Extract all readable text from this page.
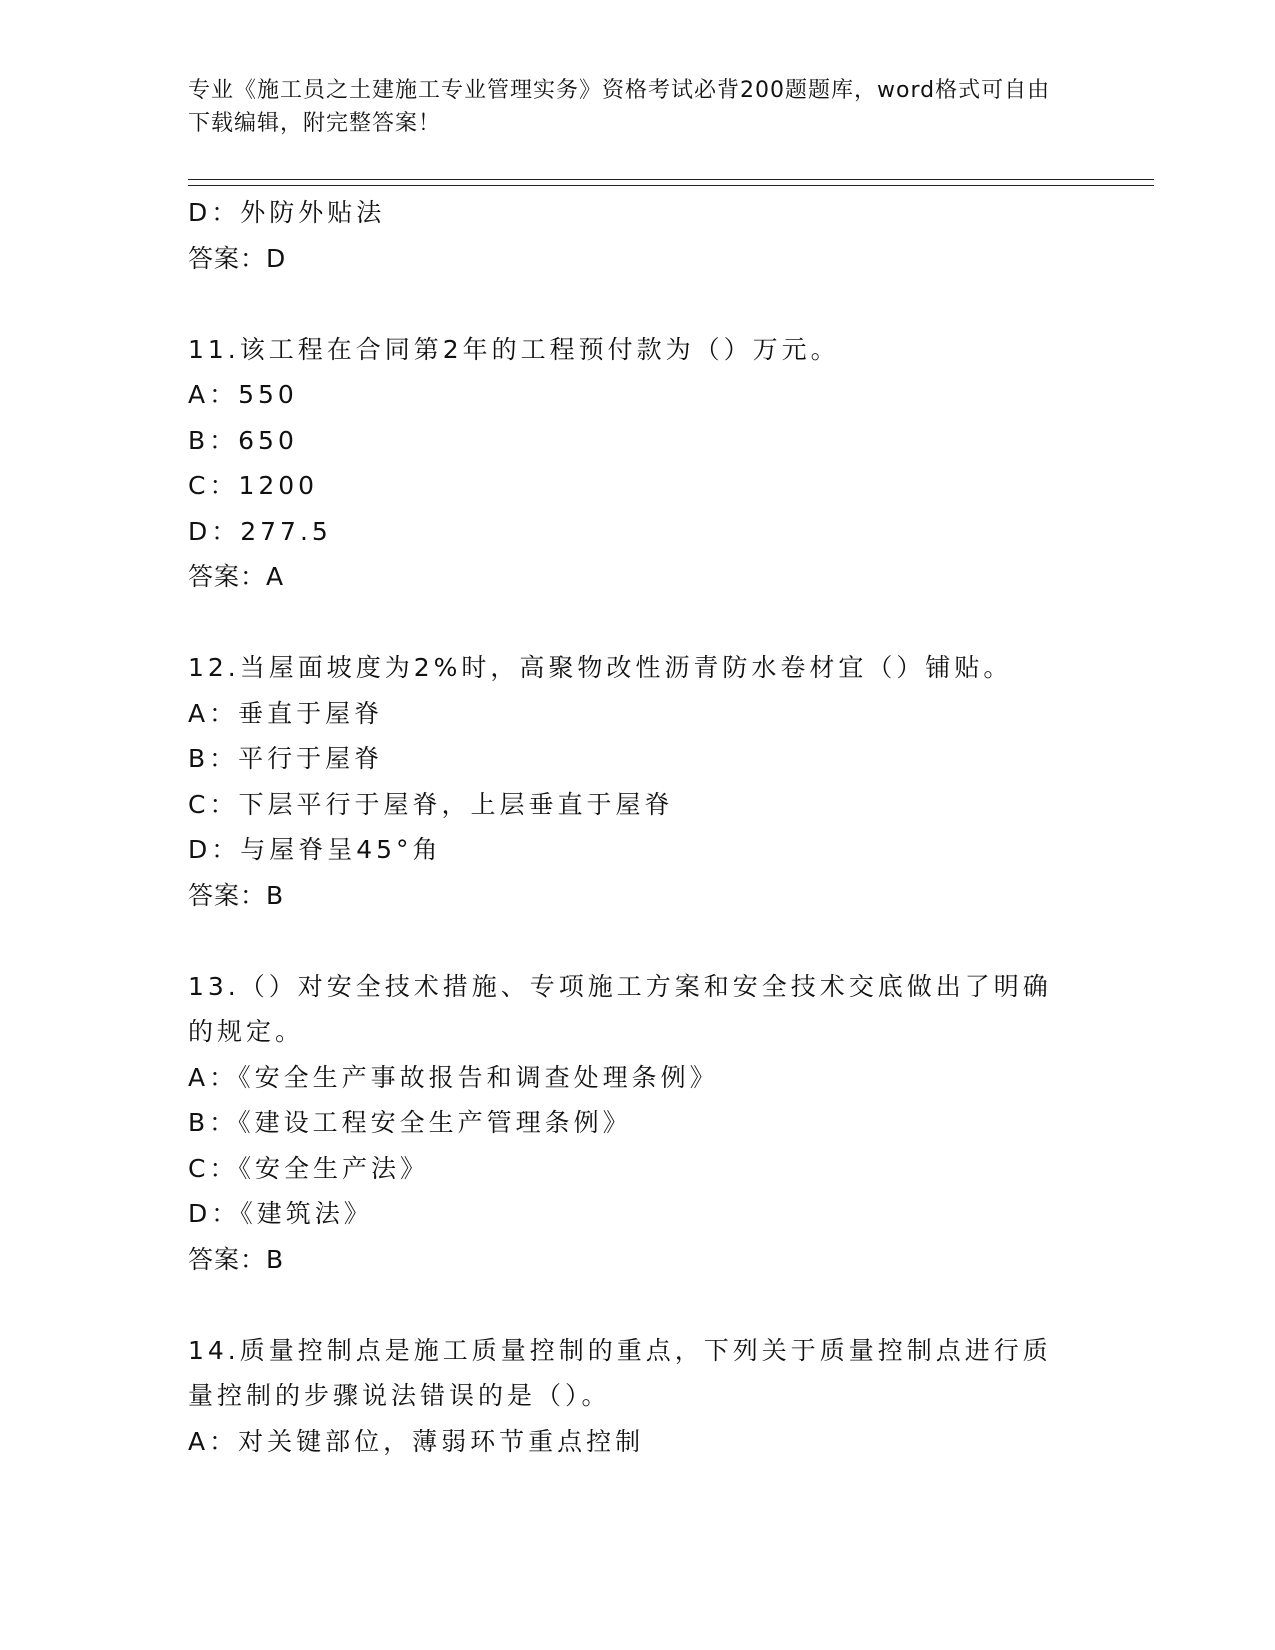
专业《施工员之土建施工专业管理实务》资格考试必背200题题库，word格式可自由下载编辑，附完整答案！
D：外防外贴法
答案：D
11.该工程在合同第2年的工程预付款为（）万元。
A：550
B：650
C：1200
D：277.5
答案：A
12.当屋面坡度为2%时，高聚物改性沥青防水卷材宜（）铺贴。
A：垂直于屋脊
B：平行于屋脊
C：下层平行于屋脊，上层垂直于屋脊
D：与屋脊呈45°角
答案：B
13.（）对安全技术措施、专项施工方案和安全技术交底做出了明确的规定。
A：《安全生产事故报告和调查处理条例》
B：《建设工程安全生产管理条例》
C：《安全生产法》
D：《建筑法》
答案：B
14.质量控制点是施工质量控制的重点，下列关于质量控制点进行质量控制的步骤说法错误的是（）。
A：对关键部位，薄弱环节重点控制
